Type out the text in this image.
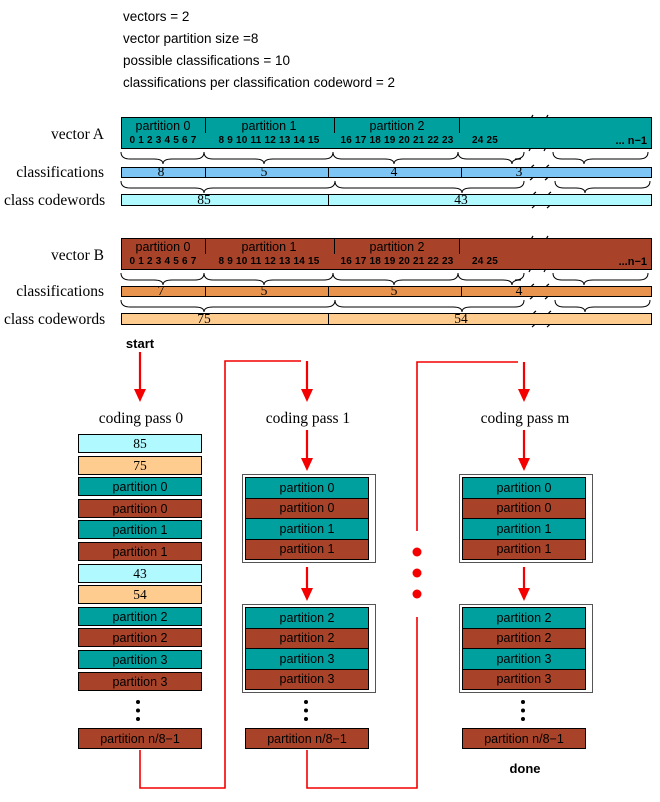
vectors = 2
vector partition size =8
possible classifications = 10
classifications per classification codeword = 2
vector A
classifications
class codewords
partition 0	partition 1	partition 2
0 1 2 3 4 5 6 7 8 9 10 11 12 13 14 15 16 17 18 19 20 21 22 23 24 25	... n−1
vector B
classifications
class codewords
partition 0	partition 1	partition 2
0 1 2 3 4 5 6 7 8 9 10 11 12 13 14 15 16 17 18 19 20 21 22 23 24 25	...n−1
start
done
coding pass 0	coding pass 1	coding pass m
85
75
partition 0
partition 0
partition 1
partition 1
43
54
partition 2
partition 2
partition 3
partition 3
partition n/8−1
partition 0
partition 0
partition 1
partition 1
partition 2
partition 2
partition 3
partition 3
partition n/8−1
partition 0
partition 0
partition 1
partition 1
partition 2
partition 2
partition 3
partition 3
partition n/8−1
8	5	4	3
85	43
7	5	5	4
75	54
